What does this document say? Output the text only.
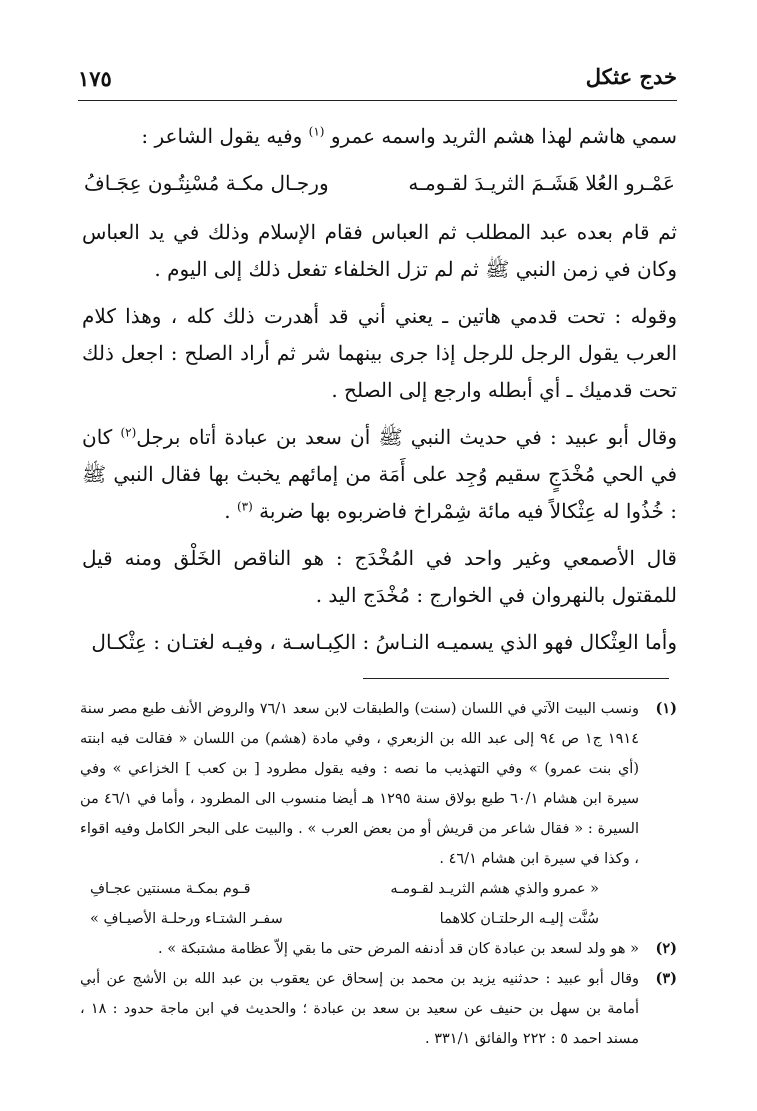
١٧٥	خدج عثكل

سمي هاشم لهذا هشم الثريد واسمه عمرو $^{(١)}$ وفيه يقول الشاعر :

عَمْـرو العُلا هَشَـمَ الثريـدَ لقـومـه
ورجـال مكـة مُسْنِتُـون عِجَـافُ

ثم قام بعده عبد المطلب ثم العباس فقام الإسلام وذلك في يد العباس وكان في زمن النبي ﷺ ثم لم تزل الخلفاء تفعل ذلك إلى اليوم .

وقوله : تحت قدمي هاتين ـ يعني أني قد أهدرت ذلك كله ، وهذا كلام العرب يقول الرجل للرجل إذا جرى بينهما شر ثم أراد الصلح : اجعل ذلك تحت قدميك ـ أي أبطله وارجع إلى الصلح .

وقال أبو عبيد : في حديث النبي ﷺ أن سعد بن عبادة أتاه برجل$^{(٢)}$ كان في الحي مُخْدَجٍ سقيم وُجِد على أَمَة من إمائهم يخبث بها فقال النبي ﷺ : خُذُوا له عِثْكالاً فيه مائة شِمْراخ فاضربوه بها ضربة $^{(٣)}$ .

قال الأصمعي وغير واحد في المُخْدَج : هو الناقص الخَلْق ومنه قيل للمقتول بالنهروان في الخوارج : مُخْدَج اليد .

وأما العِثْكال فهو الذي يسميـه النـاسُ : الكِبـاسـة ، وفيـه لغتـان : عِثْكـال

(١)
ونسب البيت الآتي في اللسان (سنت) والطبقات لابن سعد ٧٦/١ والروض الأنف طبع مصر سنة ١٩١٤ ج١ ص ٩٤ إلى عبد الله بن الزبعري ، وفي مادة (هشم) من اللسان « فقالت فيه ابنته (أي بنت عمرو) » وفي التهذيب ما نصه : وفيه يقول مطرود [ بن كعب ] الخزاعي » وفي سيرة ابن هشام ٦٠/١ طبع بولاق سنة ١٢٩٥ هـ أيضا منسوب الى المطرود ، وأما في ٤٦/١ من السيرة : « فقال شاعر من قريش أو من بعض العرب » . والبيت على البحر الكامل وفيه اقواء ، وكذا في سيرة ابن هشام ٤٦/١ .
« عمرو والذي هشم الثريـد لقـومـه
قـوم بمكـة مسنتين عجـافِ
سُنَّت إليـه الرحلتـان كلاهما
سفـر الشتـاء ورحلـة الأصيـافِ »
(٢)
« هو ولد لسعد بن عبادة كان قد أدنفه المرض حتى ما بقي إلاّ عظامة مشتبكة » .
(٣)
وقال أبو عبيد : حدثنيه يزيد بن محمد بن إسحاق عن يعقوب بن عبد الله بن الأشج عن أبي أمامة بن سهل بن حنيف عن سعيد بن سعد بن عبادة ؛ والحديث في ابن ماجة حدود : ١٨ ، مسند احمد ٥ : ٢٢٢ والفائق ٣٣١/١ .
